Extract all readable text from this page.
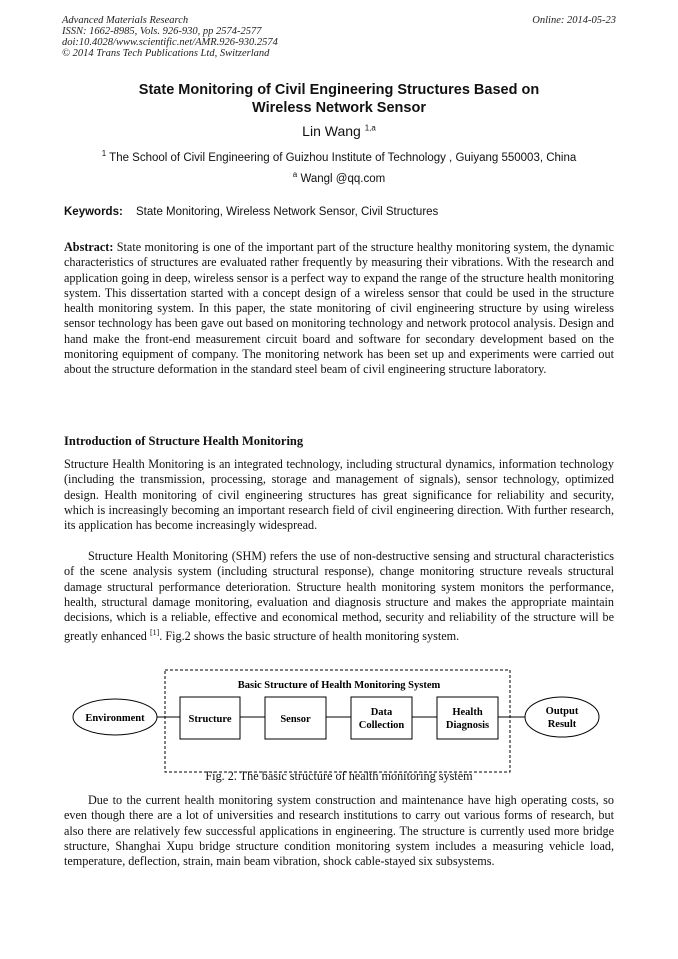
Advanced Materials Research
ISSN: 1662-8985, Vols. 926-930, pp 2574-2577
doi:10.4028/www.scientific.net/AMR.926-930.2574
© 2014 Trans Tech Publications Ltd, Switzerland
Online: 2014-05-23
State Monitoring of Civil Engineering Structures Based on
Wireless Network Sensor
Lin Wang $^{1,a}$
$^1$ The School of Civil Engineering of Guizhou Institute of Technology , Guiyang 550003, China
$^a$ Wangl @qq.com
Keywords: State Monitoring, Wireless Network Sensor, Civil Structures

Abstract: State monitoring is one of the important part of the structure healthy monitoring system, the dynamic characteristics of structures are evaluated rather frequently by measuring their vibrations. With the research and application going in deep, wireless sensor is a perfect way to expand the range of the structure health monitoring system. This dissertation started with a concept design of a wireless sensor that could be used in the structure health monitoring system. In this paper, the state monitoring of civil engineering structure by using wireless sensor technology has been gave out based on monitoring technology and network protocol analysis. Design and hand make the front-end measurement circuit board and software for secondary development based on the monitoring equipment of company. The monitoring network has been set up and experiments were carried out about the structure deformation in the standard steel beam of civil engineering structure laboratory.

Introduction of Structure Health Monitoring

Structure Health Monitoring is an integrated technology, including structural dynamics, information technology (including the transmission, processing, storage and management of signals), sensor technology, optimized design. Health monitoring of civil engineering structures has great significance for reliability and security, which is increasingly becoming an important research field of civil engineering direction. With further research, its application has become increasingly widespread.

Structure Health Monitoring (SHM) refers the use of non-destructive sensing and structural characteristics of the scene analysis system (including structural response), change monitoring structure reveals structural damage structural performance deterioration. Structure health monitoring system monitors the performance, health, structural damage monitoring, evaluation and diagnosis structure and makes the appropriate maintain decisions, which is a reliable, effective and economical method, security and reliability of the structure will be greatly enhanced [1]. Fig.2 shows the basic structure of health monitoring system.

Basic Structure of Health Monitoring System
Environment	Structure	Sensor
Data
Collection
Health
Diagnosis
Output
Result
Fig. 2. The basic structure of health monitoring system

Due to the current health monitoring system construction and maintenance have high operating costs, so even though there are a lot of universities and research institutions to carry out various forms of research, but also there are relatively few successful applications in engineering. The structure is currently used more bridge structure, Shanghai Xupu bridge structure condition monitoring system includes a measuring vehicle load, temperature, deflection, strain, main beam vibration, shock cable-stayed six subsystems.
